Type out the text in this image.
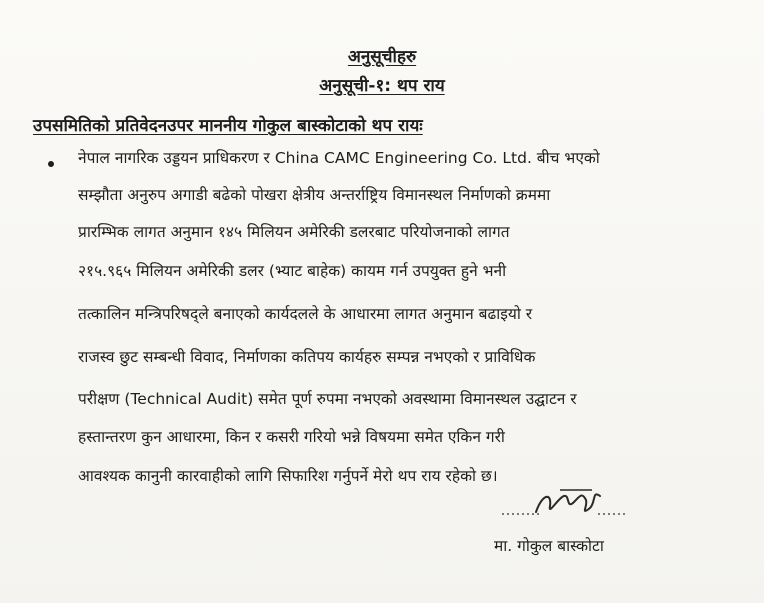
अनुसूचीहरु
अनुसूची-१: थप राय
उपसमितिको प्रतिवेदनउपर माननीय गोकुल बास्कोटाको थप रायः
नेपाल नागरिक उड्डयन प्राधिकरण र China CAMC Engineering Co. Ltd. बीच भएको
सम्झौता अनुरुप अगाडी बढेको पोखरा क्षेत्रीय अन्तर्राष्ट्रिय विमानस्थल निर्माणको क्रममा
प्रारम्भिक लागत अनुमान १४५ मिलियन अमेरिकी डलरबाट परियोजनाको लागत
२१५.९६५ मिलियन अमेरिकी डलर (भ्याट बाहेक) कायम गर्न उपयुक्त हुने भनी
तत्कालिन मन्त्रिपरिषद्ले बनाएको कार्यदलले के आधारमा लागत अनुमान बढाइयो र
राजस्व छुट सम्बन्धी विवाद, निर्माणका कतिपय कार्यहरु सम्पन्न नभएको र प्राविधिक
परीक्षण (Technical Audit) समेत पूर्ण रुपमा नभएको अवस्थामा विमानस्थल उद्घाटन र
हस्तान्तरण कुन आधारमा, किन र कसरी गरियो भन्ने विषयमा समेत एकिन गरी
आवश्यक कानुनी कारवाहीको लागि सिफारिश गर्नुपर्ने मेरो थप राय रहेको छ।
मा. गोकुल बास्कोटा
